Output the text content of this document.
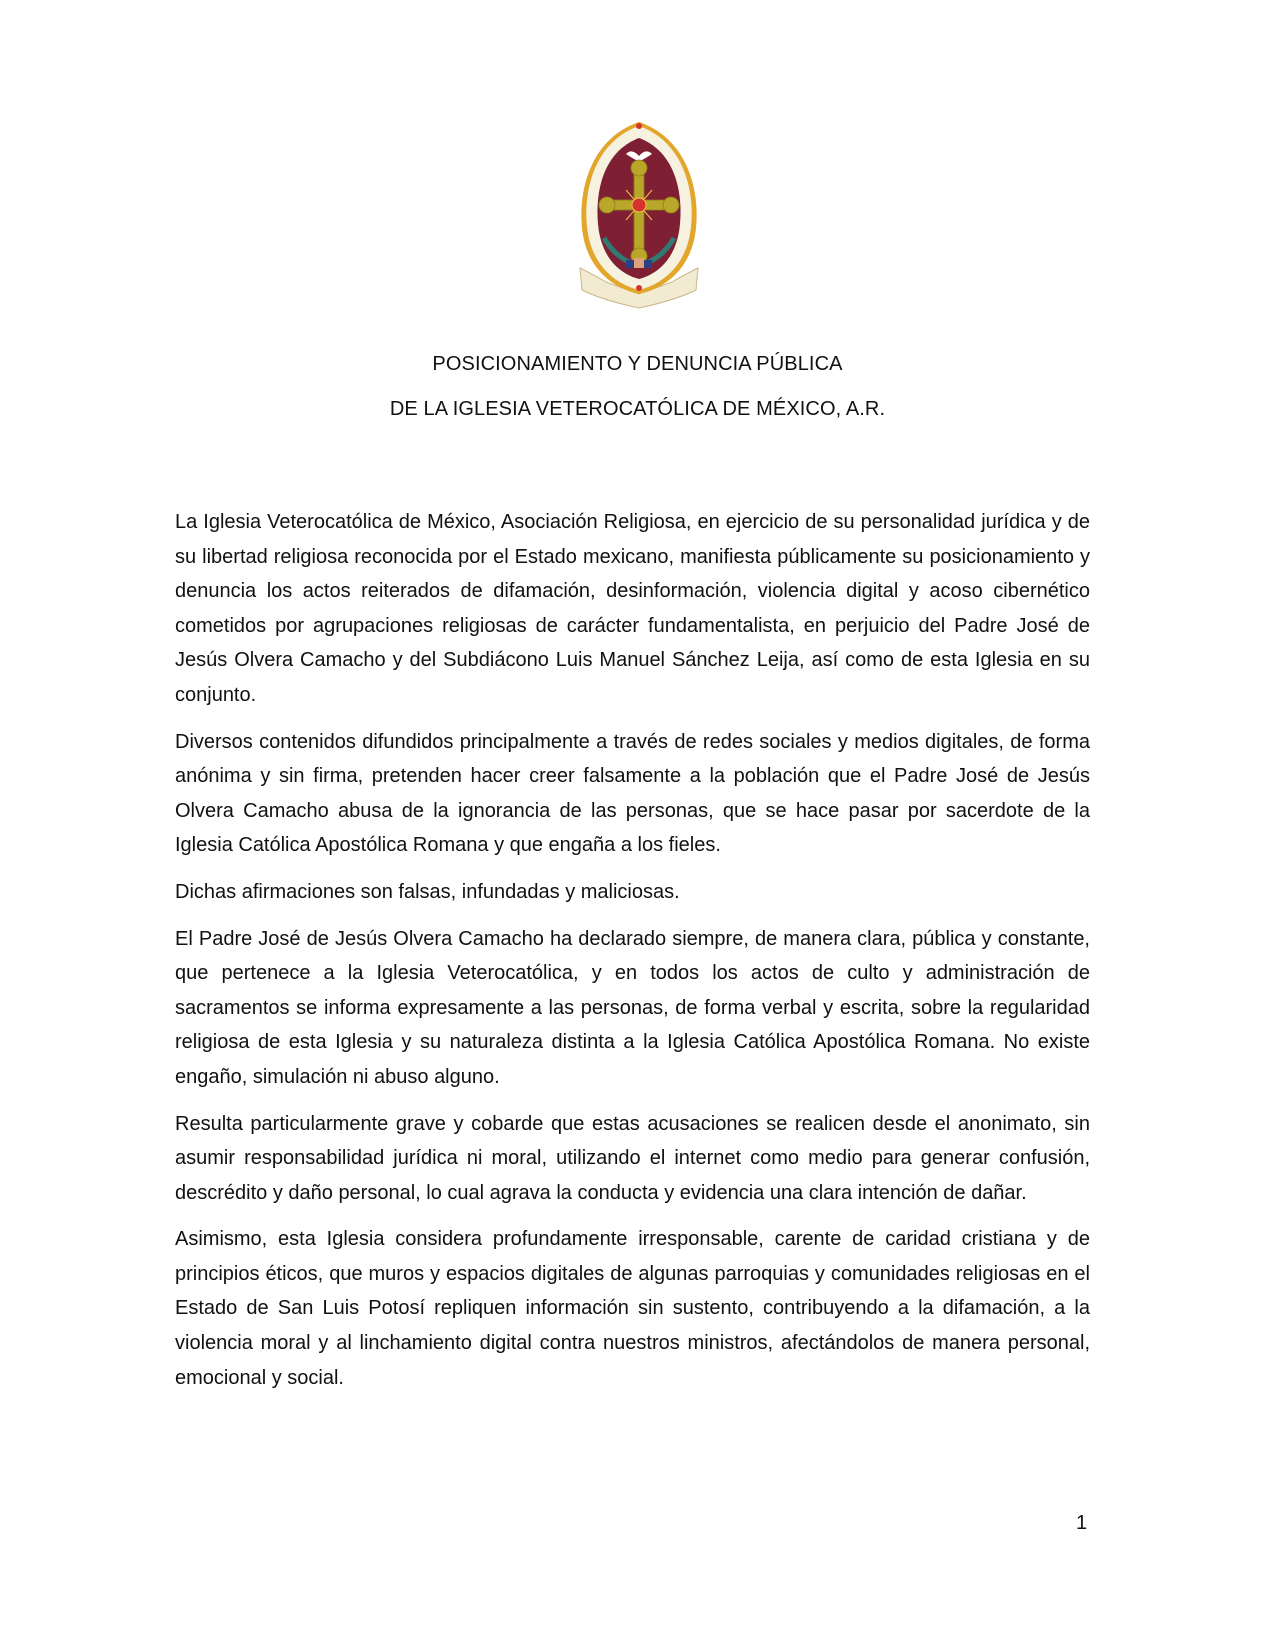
POSICIONAMIENTO Y DENUNCIA PÚBLICA
DE LA IGLESIA VETEROCATÓLICA DE MÉXICO, A.R.

La Iglesia Veterocatólica de México, Asociación Religiosa, en ejercicio de su personalidad jurídica y de su libertad religiosa reconocida por el Estado mexicano, manifiesta públicamente su posicionamiento y denuncia los actos reiterados de difamación, desinformación, violencia digital y acoso cibernético cometidos por agrupaciones religiosas de carácter fundamentalista, en perjuicio del Padre José de Jesús Olvera Camacho y del Subdiácono Luis Manuel Sánchez Leija, así como de esta Iglesia en su conjunto.

Diversos contenidos difundidos principalmente a través de redes sociales y medios digitales, de forma anónima y sin firma, pretenden hacer creer falsamente a la población que el Padre José de Jesús Olvera Camacho abusa de la ignorancia de las personas, que se hace pasar por sacerdote de la Iglesia Católica Apostólica Romana y que engaña a los fieles.

Dichas afirmaciones son falsas, infundadas y maliciosas.

El Padre José de Jesús Olvera Camacho ha declarado siempre, de manera clara, pública y constante, que pertenece a la Iglesia Veterocatólica, y en todos los actos de culto y administración de sacramentos se informa expresamente a las personas, de forma verbal y escrita, sobre la regularidad religiosa de esta Iglesia y su naturaleza distinta a la Iglesia Católica Apostólica Romana. No existe engaño, simulación ni abuso alguno.

Resulta particularmente grave y cobarde que estas acusaciones se realicen desde el anonimato, sin asumir responsabilidad jurídica ni moral, utilizando el internet como medio para generar confusión, descrédito y daño personal, lo cual agrava la conducta y evidencia una clara intención de dañar.

Asimismo, esta Iglesia considera profundamente irresponsable, carente de caridad cristiana y de principios éticos, que muros y espacios digitales de algunas parroquias y comunidades religiosas en el Estado de San Luis Potosí repliquen información sin sustento, contribuyendo a la difamación, a la violencia moral y al linchamiento digital contra nuestros ministros, afectándolos de manera personal, emocional y social.

1
